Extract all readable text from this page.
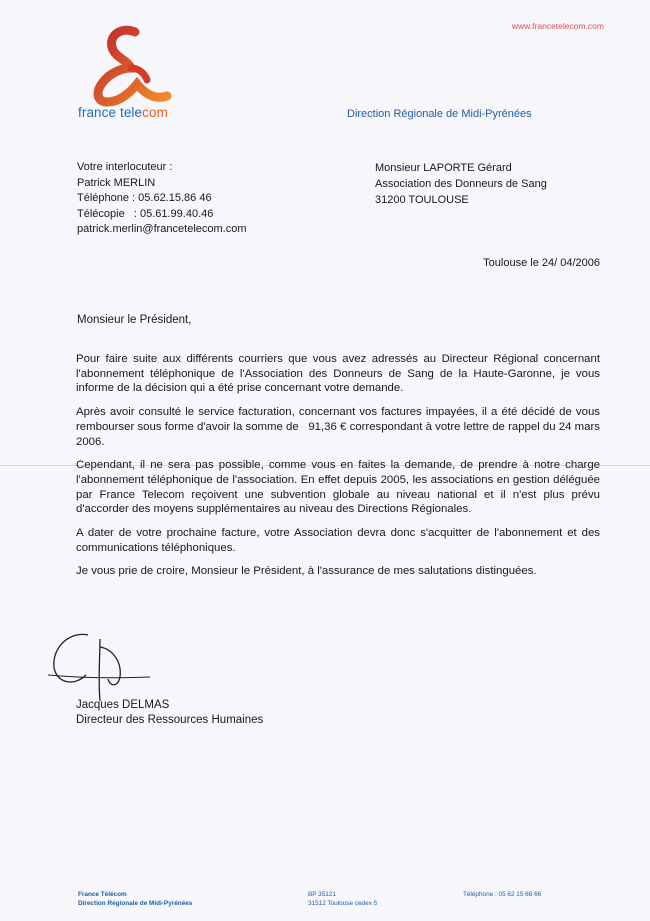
www.francetelecom.com
france telecom	Direction Régionale de Midi-Pyrénées
Votre interlocuteur :
Patrick MERLIN
Téléphone : 05.62.15.86 46
Télécopie   : 05.61.99.40.46
patrick.merlin@francetelecom.com
Monsieur LAPORTE Gérard
Association des Donneurs de Sang
31200 TOULOUSE
Toulouse le 24/ 04/2006
Monsieur le Président,

Pour faire suite aux différents courriers que vous avez adressés au Directeur Régional concernant l'abonnement téléphonique de l'Association des Donneurs de Sang de la Haute-Garonne, je vous informe de la décision qui a été prise concernant votre demande.

Après avoir consulté le service facturation, concernant vos factures impayées, il a été décidé de vous rembourser sous forme d'avoir la somme de   91,36 € correspondant à votre lettre de rappel du 24 mars 2006.

Cependant, il ne sera pas possible, comme vous en faites la demande, de prendre à notre charge l'abonnement téléphonique de l'association. En effet depuis 2005, les associations en gestion déléguée par France Telecom reçoivent une subvention globale au niveau national et il n'est plus prévu d'accorder des moyens supplémentaires au niveau des Directions Régionales.

A dater de votre prochaine facture, votre Association devra donc s'acquitter de l'abonnement et des communications téléphoniques.

Je vous prie de croire, Monsieur le Président, à l'assurance de mes salutations distinguées.

Jacques DELMAS
Directeur des Ressources Humaines
France Télécom
Direction Régionale de Midi-Pyrénées
BP 35121
31512 Toulouse cedex 5
Téléphone : 05 62 15 66 66
